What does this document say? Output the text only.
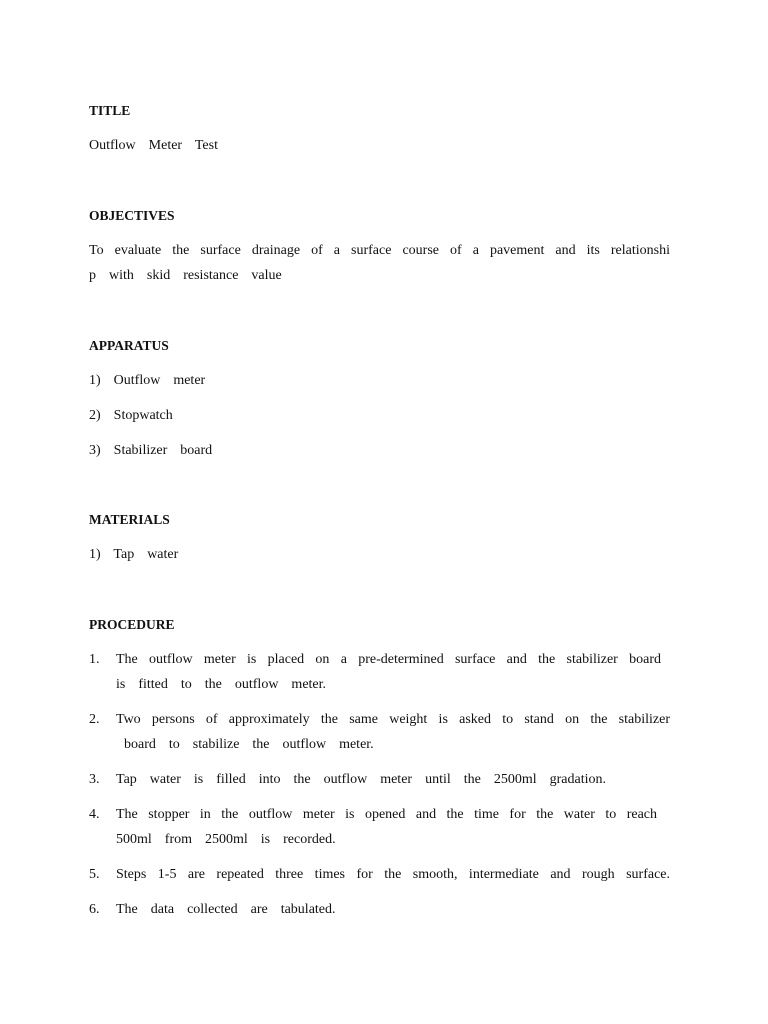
TITLE
Outflow  Meter  Test
OBJECTIVES
To evaluate the surface drainage of a surface course of a pavement and its relationshi
p  with  skid  resistance  value
APPARATUS
1)  Outflow  meter
2)  Stopwatch
3)  Stabilizer  board
MATERIALS
1)  Tap  water
PROCEDURE
1. The outflow meter is placed on a pre-determined surface and the stabilizer board
is  fitted  to  the  outflow  meter.
2. Two persons of approximately the same weight is asked to stand on the stabilizer
board  to  stabilize  the  outflow  meter.
3. Tap  water  is  filled  into  the  outflow  meter  until  the  2500ml  gradation.
4. The stopper in the outflow meter is opened and the time for the water to reach
500ml  from  2500ml  is  recorded.
5. Steps 1-5 are repeated three times for the smooth, intermediate and rough surface.
6. The  data  collected  are  tabulated.
